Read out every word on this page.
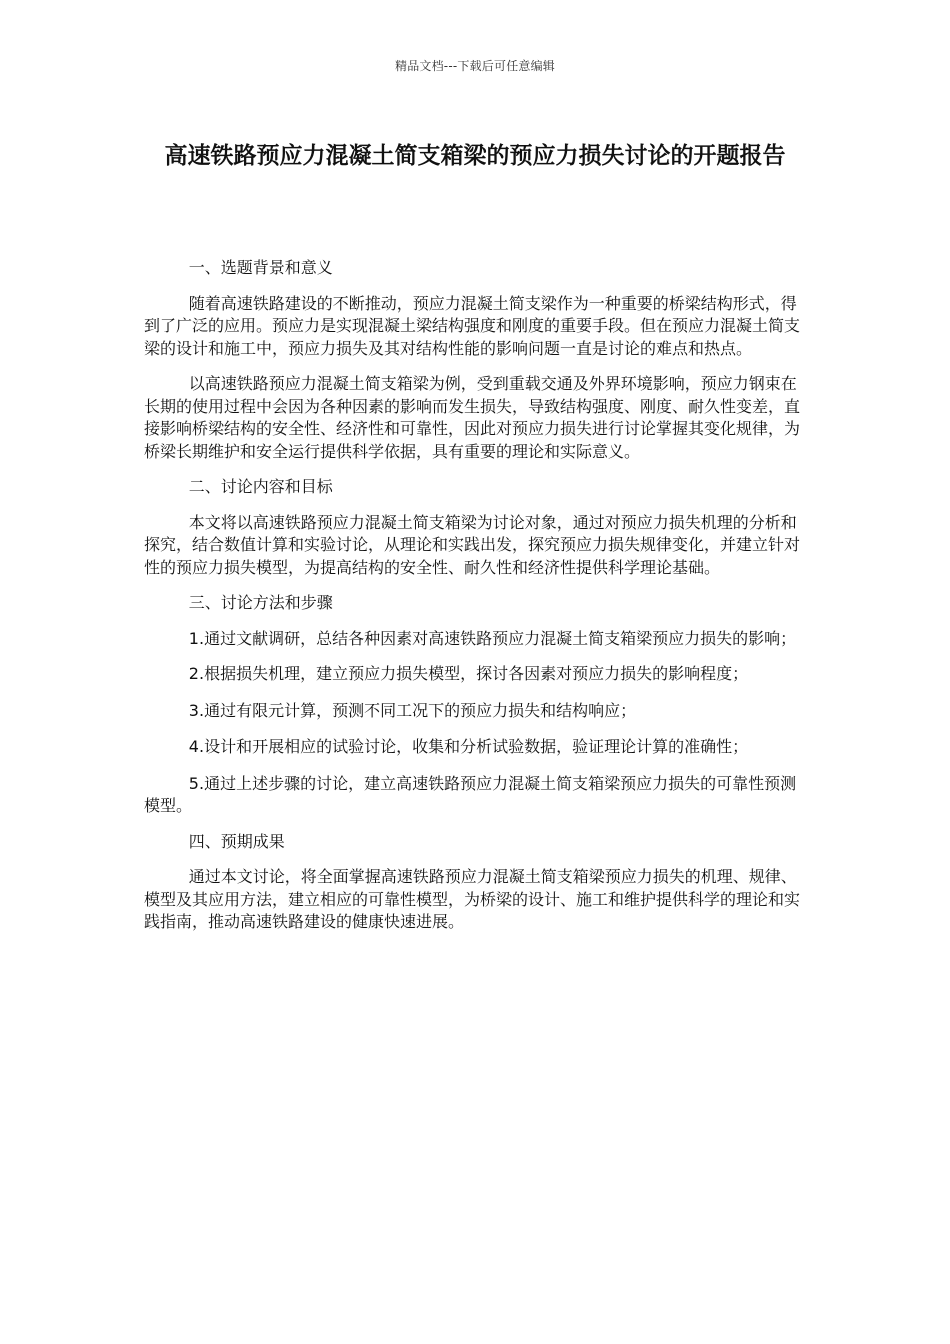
精品文档---下载后可任意编辑
高速铁路预应力混凝土简支箱梁的预应力损失讨论的开题报告

一、选题背景和意义

随着高速铁路建设的不断推动，预应力混凝土简支梁作为一种重要的桥梁结构形式，得到了广泛的应用。预应力是实现混凝土梁结构强度和刚度的重要手段。但在预应力混凝土简支梁的设计和施工中，预应力损失及其对结构性能的影响问题一直是讨论的难点和热点。

以高速铁路预应力混凝土简支箱梁为例，受到重载交通及外界环境影响，预应力钢束在长期的使用过程中会因为各种因素的影响而发生损失，导致结构强度、刚度、耐久性变差，直接影响桥梁结构的安全性、经济性和可靠性，因此对预应力损失进行讨论掌握其变化规律，为桥梁长期维护和安全运行提供科学依据，具有重要的理论和实际意义。

二、讨论内容和目标

本文将以高速铁路预应力混凝土简支箱梁为讨论对象，通过对预应力损失机理的分析和探究，结合数值计算和实验讨论，从理论和实践出发，探究预应力损失规律变化，并建立针对性的预应力损失模型，为提高结构的安全性、耐久性和经济性提供科学理论基础。

三、讨论方法和步骤

1.通过文献调研，总结各种因素对高速铁路预应力混凝土简支箱梁预应力损失的影响；

2.根据损失机理，建立预应力损失模型，探讨各因素对预应力损失的影响程度；

3.通过有限元计算，预测不同工况下的预应力损失和结构响应；

4.设计和开展相应的试验讨论，收集和分析试验数据，验证理论计算的准确性；

5.通过上述步骤的讨论，建立高速铁路预应力混凝土简支箱梁预应力损失的可靠性预测模型。

四、预期成果

通过本文讨论，将全面掌握高速铁路预应力混凝土简支箱梁预应力损失的机理、规律、模型及其应用方法，建立相应的可靠性模型，为桥梁的设计、施工和维护提供科学的理论和实践指南，推动高速铁路建设的健康快速进展。
